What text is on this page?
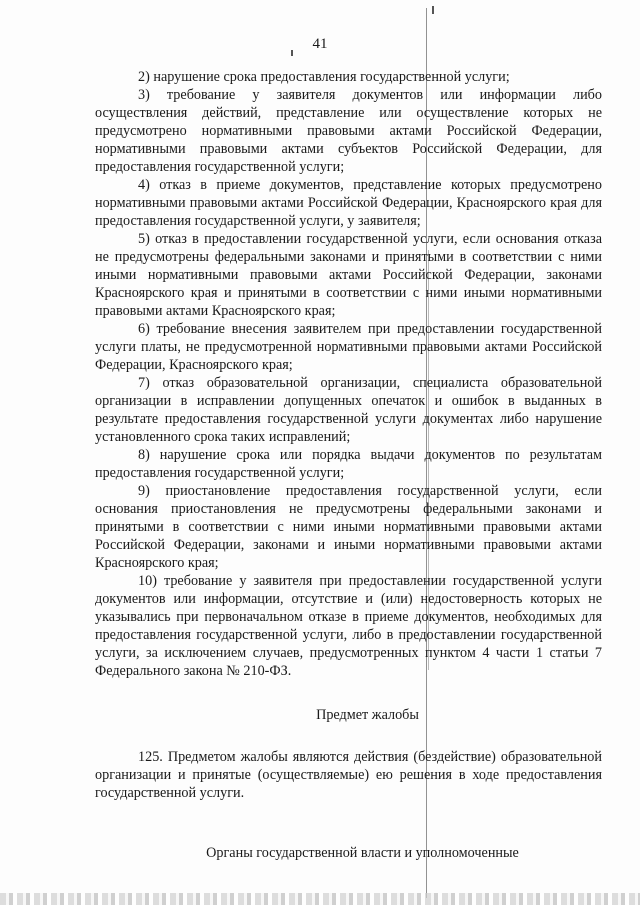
41

2) нарушение срока предоставления государственной услуги;

3) требование у заявителя документов или информации либо осуществления действий, представление или осуществление которых не предусмотрено нормативными правовыми актами Российской Федерации, нормативными правовыми актами субъектов Российской Федерации, для предоставления государственной услуги;

4) отказ в приеме документов, представление которых предусмотрено нормативными правовыми актами Российской Федерации, Красноярского края для предоставления государственной услуги, у заявителя;

5) отказ в предоставлении государственной услуги, если основания отказа не предусмотрены федеральными законами и принятыми в соответствии с ними иными нормативными правовыми актами Российской Федерации, законами Красноярского края и принятыми в соответствии с ними иными нормативными правовыми актами Красноярского края;

6) требование внесения заявителем при предоставлении государственной услуги платы, не предусмотренной нормативными правовыми актами Российской Федерации, Красноярского края;

7) отказ образовательной организации, специалиста образовательной организации в исправлении допущенных опечаток и ошибок в выданных в результате предоставления государственной услуги документах либо нарушение установленного срока таких исправлений;

8) нарушение срока или порядка выдачи документов по результатам предоставления государственной услуги;

9) приостановление предоставления государственной услуги, если основания приостановления не предусмотрены федеральными законами и принятыми в соответствии с ними иными нормативными правовыми актами Российской Федерации, законами и иными нормативными правовыми актами Красноярского края;

10) требование у заявителя при предоставлении государственной услуги документов или информации, отсутствие и (или) недостоверность которых не указывались при первоначальном отказе в приеме документов, необходимых для предоставления государственной услуги, либо в предоставлении государственной услуги, за исключением случаев, предусмотренных пунктом 4 части 1 статьи 7 Федерального закона № 210-ФЗ.

Предмет жалобы

125. Предметом жалобы являются действия (бездействие) образовательной организации и принятые (осуществляемые) ею решения в ходе предоставления государственной услуги.

Органы государственной власти и уполномоченные
